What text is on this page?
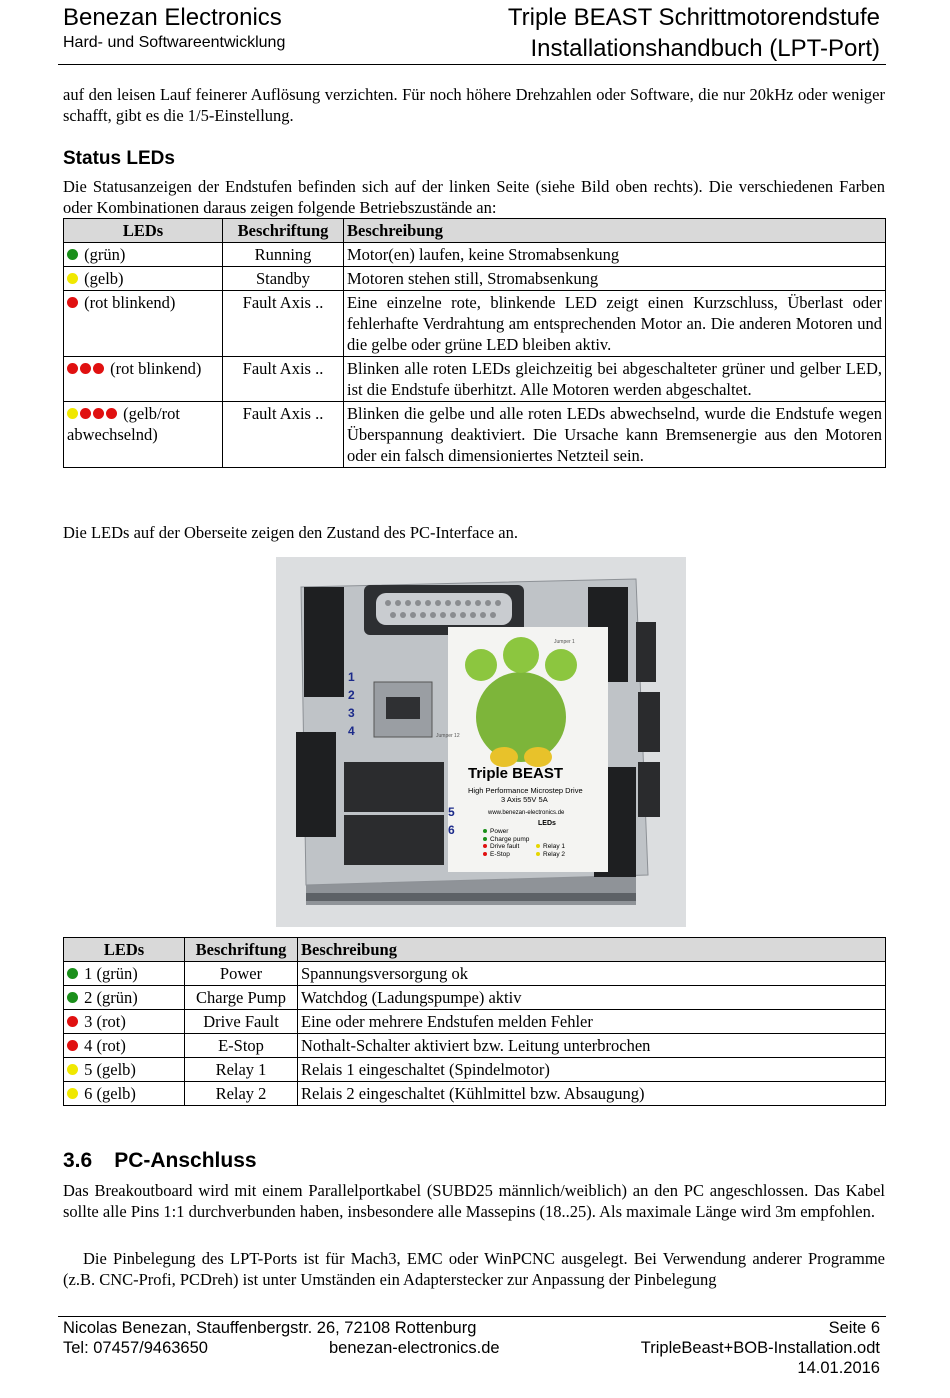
Benezan Electronics
Hard- und Softwareentwicklung
Triple BEAST Schrittmotorendstufe
Installationshandbuch (LPT-Port)
auf den leisen Lauf feinerer Auflösung verzichten. Für noch höhere Drehzahlen oder Software, die nur 20kHz oder weniger schafft, gibt es die 1/5-Einstellung.
Status LEDs
Die Statusanzeigen der Endstufen befinden sich auf der linken Seite (siehe Bild oben rechts). Die verschiedenen Farben oder Kombinationen daraus zeigen folgende Betriebszustände an:
LEDs	Beschriftung	Beschreibung
(grün)	Running	Motor(en) laufen, keine Stromabsenkung
(gelb)	Standby	Motoren stehen still, Stromabsenkung
(rot blinkend)	Fault Axis ..	Eine einzelne rote, blinkende LED zeigt einen Kurzschluss, Überlast oder fehlerhafte Verdrahtung am entsprechenden Motor an. Die anderen Motoren und die gelbe oder grüne LED bleiben aktiv.
(rot blinkend)	Fault Axis ..	Blinken alle roten LEDs gleichzeitig bei abgeschalteter grüner und gelber LED, ist die Endstufe überhitzt. Alle Motoren werden abgeschaltet.
(gelb/rot abwechselnd)	Fault Axis ..	Blinken die gelbe und alle roten LEDs abwechselnd, wurde die Endstufe wegen Überspannung deaktiviert. Die Ursache kann Bremsenergie aus den Motoren oder ein falsch dimensioniertes Netzteil sein.
Die LEDs auf der Oberseite zeigen den Zustand des PC-Interface an.
1
2
3
4
5
6
Triple BEAST
High Performance Microstep Drive
3 Axis 55V 5A
www.benezan-electronics.de
LEDs
Power
Charge pump
Drive fault
E-Stop
Relay 1
Relay 2
Jumper 1
Jumper 12
LEDs	Beschriftung	Beschreibung
1 (grün)	Power	Spannungsversorgung ok
2 (grün)	Charge Pump	Watchdog (Ladungspumpe) aktiv
3 (rot)	Drive Fault	Eine oder mehrere Endstufen melden Fehler
4 (rot)	E-Stop	Nothalt-Schalter aktiviert bzw. Leitung unterbrochen
5 (gelb)	Relay 1	Relais 1 eingeschaltet (Spindelmotor)
6 (gelb)	Relay 2	Relais 2 eingeschaltet (Kühlmittel bzw. Absaugung)
3.6 PC-Anschluss
Das Breakoutboard wird mit einem Parallelportkabel (SUBD25 männlich/weiblich) an den PC angeschlossen. Das Kabel sollte alle Pins 1:1 durchverbunden haben, insbesondere alle Massepins (18..25). Als maximale Länge wird 3m empfohlen.
Die Pinbelegung des LPT-Ports ist für Mach3, EMC oder WinPCNC ausgelegt. Bei Verwendung anderer Programme (z.B. CNC-Profi, PCDreh) ist unter Umständen ein Adapterstecker zur Anpassung der Pinbelegung
Nicolas Benezan, Stauffenbergstr. 26, 72108 Rottenburg
Tel: 07457/9463650	benezan-electronics.de
Seite 6
TripleBeast+BOB-Installation.odt
14.01.2016
